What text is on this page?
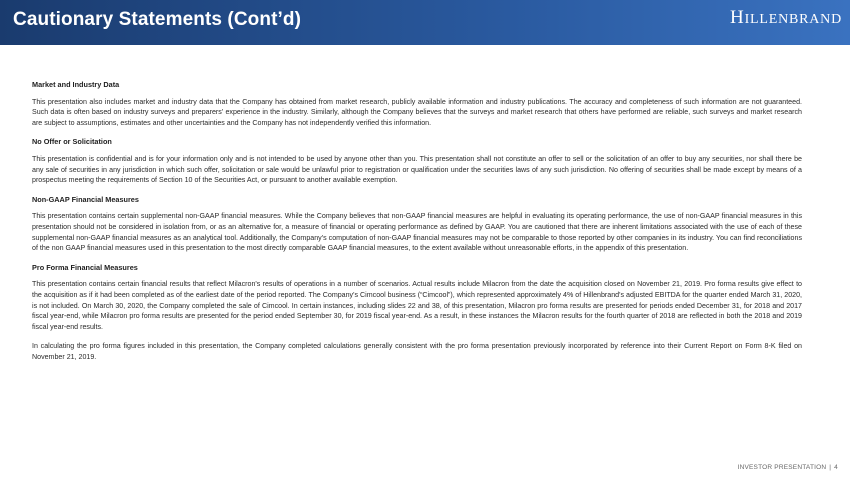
Cautionary Statements (Cont’d)	HILLENBRAND
Market and Industry Data

This presentation also includes market and industry data that the Company has obtained from market research, publicly available information and industry publications. The accuracy and completeness of such information are not guaranteed. Such data is often based on industry surveys and preparers' experience in the industry. Similarly, although the Company believes that the surveys and market research that others have performed are reliable, such surveys and market research are subject to assumptions, estimates and other uncertainties and the Company has not independently verified this information.

No Offer or Solicitation

This presentation is confidential and is for your information only and is not intended to be used by anyone other than you. This presentation shall not constitute an offer to sell or the solicitation of an offer to buy any securities, nor shall there be any sale of securities in any jurisdiction in which such offer, solicitation or sale would be unlawful prior to registration or qualification under the securities laws of any such jurisdiction. No offering of securities shall be made except by means of a prospectus meeting the requirements of Section 10 of the Securities Act, or pursuant to another available exemption.

Non-GAAP Financial Measures

This presentation contains certain supplemental non-GAAP financial measures. While the Company believes that non-GAAP financial measures are helpful in evaluating its operating performance, the use of non-GAAP financial measures in this presentation should not be considered in isolation from, or as an alternative for, a measure of financial or operating performance as defined by GAAP. You are cautioned that there are inherent limitations associated with the use of each of these supplemental non-GAAP financial measures as an analytical tool. Additionally, the Company's computation of non-GAAP financial measures may not be comparable to those reported by other companies in its industry. You can find reconciliations of the non GAAP financial measures used in this presentation to the most directly comparable GAAP financial measures, to the extent available without unreasonable efforts, in the appendix of this presentation.

Pro Forma Financial Measures

This presentation contains certain financial results that reflect Milacron's results of operations in a number of scenarios. Actual results include Milacron from the date the acquisition closed on November 21, 2019. Pro forma results give effect to the acquisition as if it had been completed as of the earliest date of the period reported. The Company's Cimcool business (“Cimcool”), which represented approximately 4% of Hillenbrand's adjusted EBITDA for the quarter ended March 31, 2020, is not included. On March 30, 2020, the Company completed the sale of Cimcool. In certain instances, including slides 22 and 38, of this presentation, Milacron pro forma results are presented for periods ended December 31, for 2018 and 2017 fiscal year-end, while Milacron pro forma results are presented for the period ended September 30, for 2019 fiscal year-end. As a result, in these instances the Milacron results for the fourth quarter of 2018 are reflected in both the 2018 and 2019 fiscal year-end results.

In calculating the pro forma figures included in this presentation, the Company completed calculations generally consistent with the pro forma presentation previously incorporated by reference into their Current Report on Form 8-K filed on November 21, 2019.

INVESTOR PRESENTATION | 4
